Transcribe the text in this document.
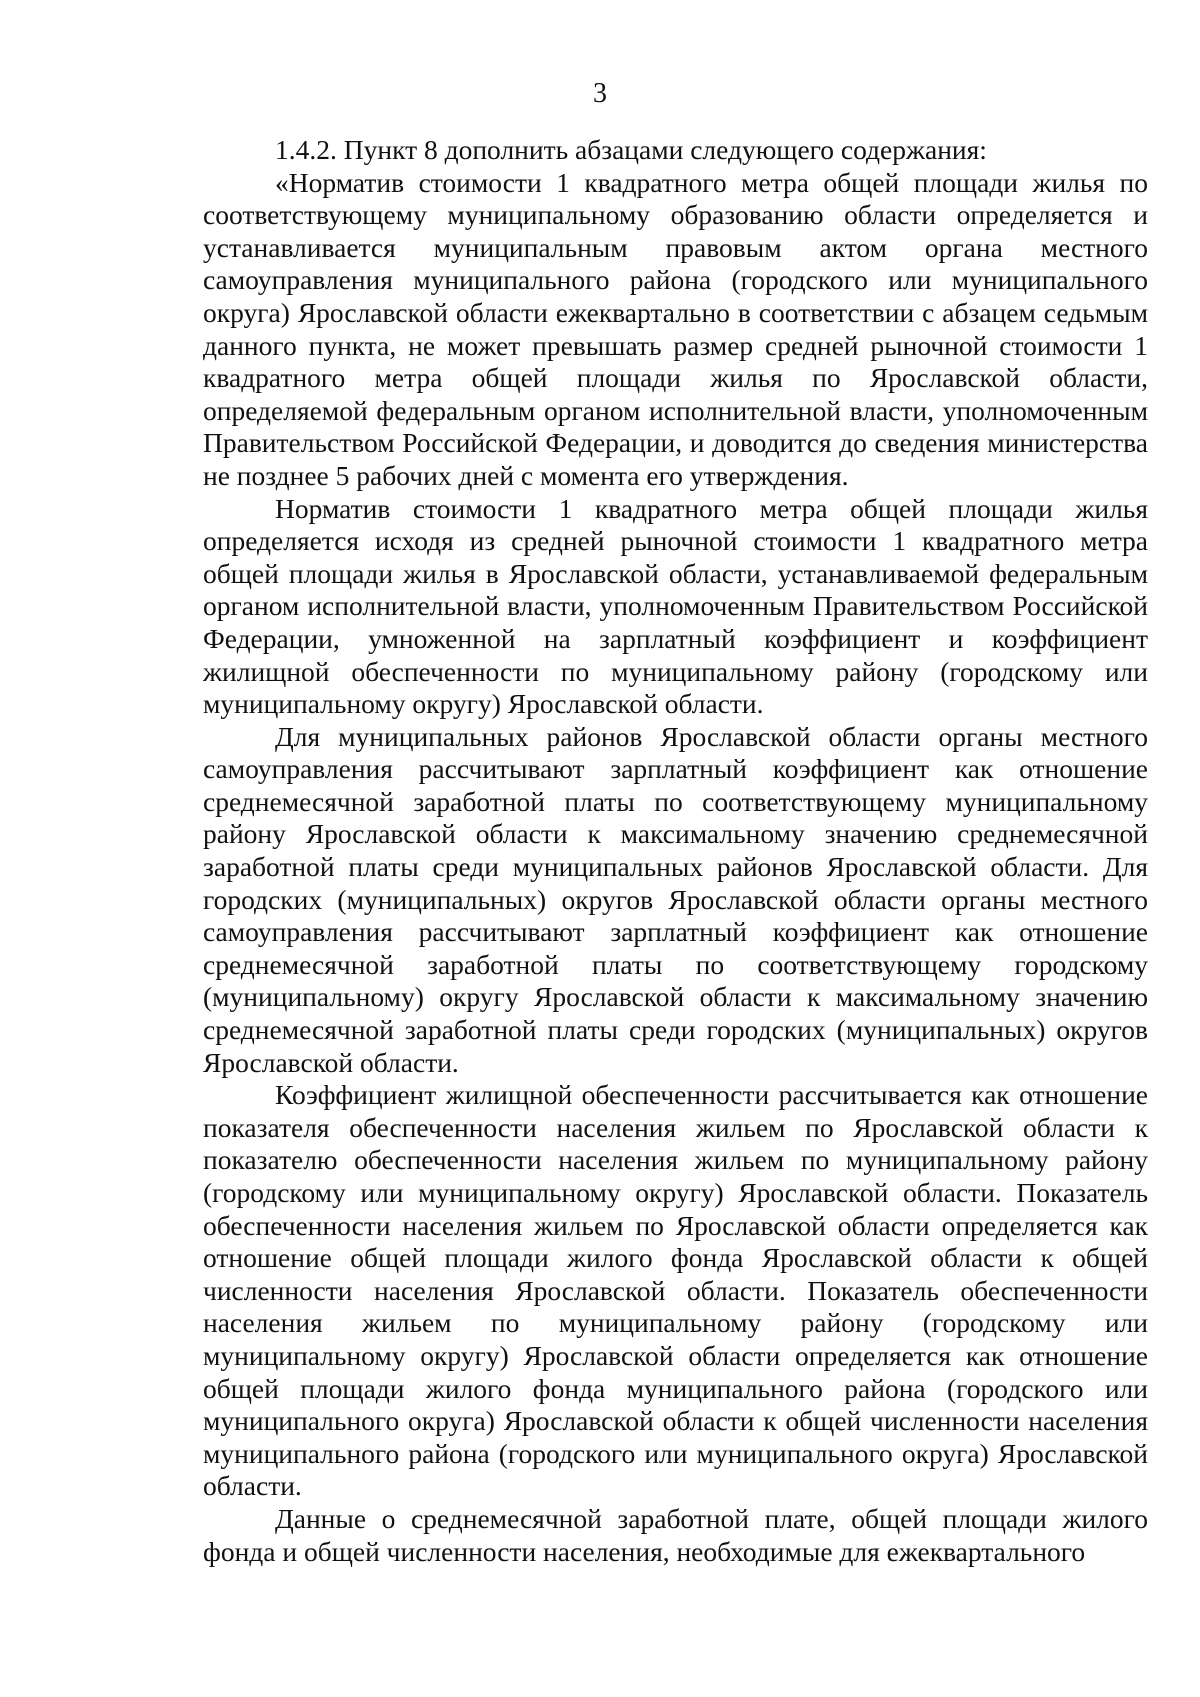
3

1.4.2. Пункт 8 дополнить абзацами следующего содержания:

«Норматив стоимости 1 квадратного метра общей площади жилья по соответствующему муниципальному образованию области определяется и устанавливается муниципальным правовым актом органа местного самоуправления муниципального района (городского или муниципального округа) Ярославской области ежеквартально в соответствии с абзацем седьмым данного пункта, не может превышать размер средней рыночной стоимости 1 квадратного метра общей площади жилья по Ярославской области, определяемой федеральным органом исполнительной власти, уполномоченным Правительством Российской Федерации, и доводится до сведения министерства не позднее 5 рабочих дней с момента его утверждения.

Норматив стоимости 1 квадратного метра общей площади жилья определяется исходя из средней рыночной стоимости 1 квадратного метра общей площади жилья в Ярославской области, устанавливаемой федеральным органом исполнительной власти, уполномоченным Правительством Российской Федерации, умноженной на зарплатный коэффициент и коэффициент жилищной обеспеченности по муниципальному району (городскому или муниципальному округу) Ярославской области.

Для муниципальных районов Ярославской области органы местного самоуправления рассчитывают зарплатный коэффициент как отношение среднемесячной заработной платы по соответствующему муниципальному району Ярославской области к максимальному значению среднемесячной заработной платы среди муниципальных районов Ярославской области. Для городских (муниципальных) округов Ярославской области органы местного самоуправления рассчитывают зарплатный коэффициент как отношение среднемесячной заработной платы по соответствующему городскому (муниципальному) округу Ярославской области к максимальному значению среднемесячной заработной платы среди городских (муниципальных) округов Ярославской области.

Коэффициент жилищной обеспеченности рассчитывается как отношение показателя обеспеченности населения жильем по Ярославской области к показателю обеспеченности населения жильем по муниципальному району (городскому или муниципальному округу) Ярославской области. Показатель обеспеченности населения жильем по Ярославской области определяется как отношение общей площади жилого фонда Ярославской области к общей численности населения Ярославской области. Показатель обеспеченности населения жильем по муниципальному району (городскому или муниципальному округу) Ярославской области определяется как отношение общей площади жилого фонда муниципального района (городского или муниципального округа) Ярославской области к общей численности населения муниципального района (городского или муниципального округа) Ярославской области.

Данные о среднемесячной заработной плате, общей площади жилого фонда и общей численности населения, необходимые для ежеквартального
